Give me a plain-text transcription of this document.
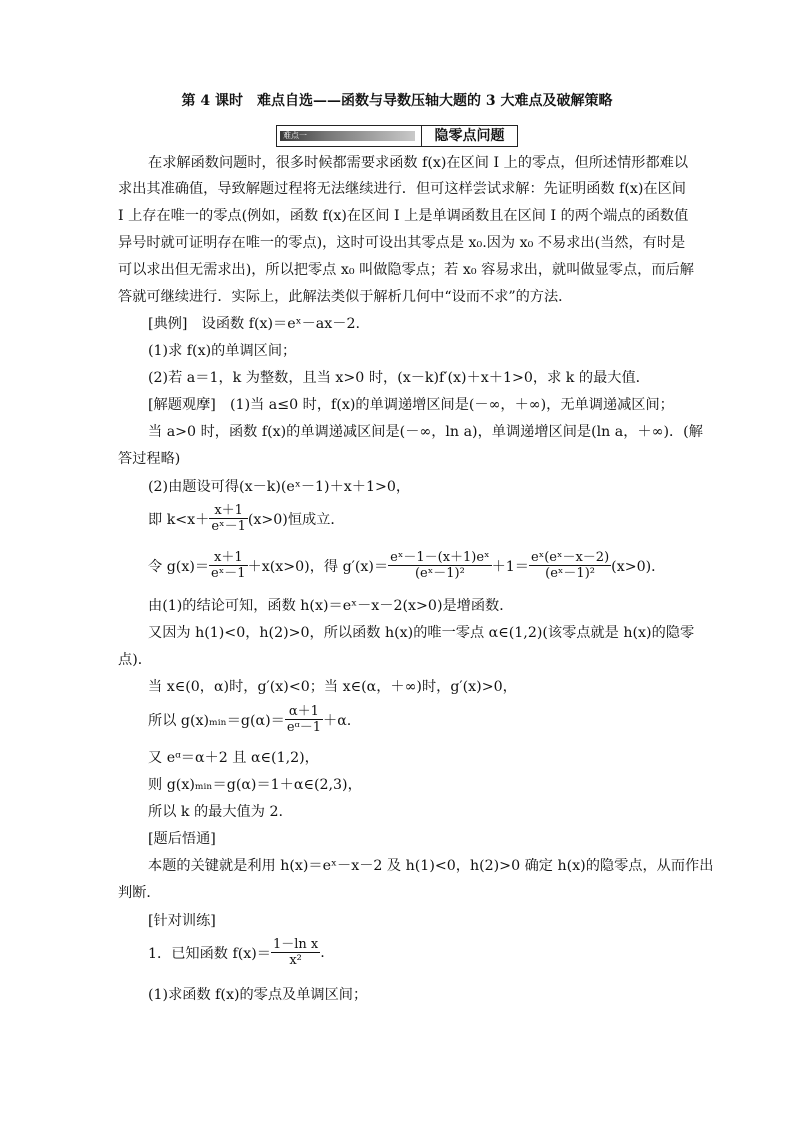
第 4 课时　难点自选——函数与导数压轴大题的 3 大难点及破解策略
难点一	隐零点问题
在求解函数问题时，很多时候都需要求函数 f(x)在区间 I 上的零点，但所述情形都难以
求出其准确值，导致解题过程将无法继续进行．但可这样尝试求解：先证明函数 f(x)在区间
I 上存在唯一的零点(例如，函数 f(x)在区间 I 上是单调函数且在区间 I 的两个端点的函数值
异号时就可证明存在唯一的零点)，这时可设出其零点是 x₀.因为 x₀ 不易求出(当然，有时是
可以求出但无需求出)，所以把零点 x₀ 叫做隐零点；若 x₀ 容易求出，就叫做显零点，而后解
答就可继续进行．实际上，此解法类似于解析几何中“设而不求”的方法．
[典例]　设函数 f(x)＝eˣ－ax－2.
(1)求 f(x)的单调区间；
(2)若 a＝1，k 为整数，且当 x>0 时，(x－k)f′(x)＋x＋1>0，求 k 的最大值．
[解题观摩]　(1)当 a≤0 时，f(x)的单调递增区间是(－∞，＋∞)，无单调递减区间；
当 a>0 时，函数 f(x)的单调递减区间是(－∞，ln a)，单调递增区间是(ln a，＋∞)．(解
答过程略)
(2)由题设可得(x－k)(eˣ－1)＋x＋1>0，
即 $k<x+ \frac{x+1}{\text{eˣ－1}} (x>0)$恒成立．
令 $g(x)= \frac{x+1}{\text{eˣ－1}} +x(x>0)$，得 $g'(x)= \frac{\text{eˣ－1－(x＋1)eˣ}}{\text{(eˣ－1)²}} +1= \frac{\text{eˣ(eˣ－x－2)}}{\text{(eˣ－1)²}} (x>0)$．
由(1)的结论可知，函数 h(x)＝eˣ－x－2(x>0)是增函数．
又因为 h(1)<0，h(2)>0，所以函数 h(x)的唯一零点 α∈(1,2)(该零点就是 h(x)的隐零
点)．
当 x∈(0，α)时，g′(x)<0；当 x∈(α，＋∞)时，g′(x)>0，
所以 g(x)ₘᵢₙ＝g(α)＝ $\frac{\alpha+1}{\text{eᵅ－1}} +\alpha$.
又 eᵅ＝α＋2 且 α∈(1,2)，
则 g(x)ₘᵢₙ＝g(α)＝1＋α∈(2,3)，
所以 k 的最大值为 2.
[题后悟通]
本题的关键就是利用 h(x)＝eˣ－x－2 及 h(1)<0，h(2)>0 确定 h(x)的隐零点，从而作出
判断．
[针对训练]
1．已知函数 $f(x)= \frac{\text{1－ln x}}{\text{x²}}$ .
(1)求函数 f(x)的零点及单调区间；
